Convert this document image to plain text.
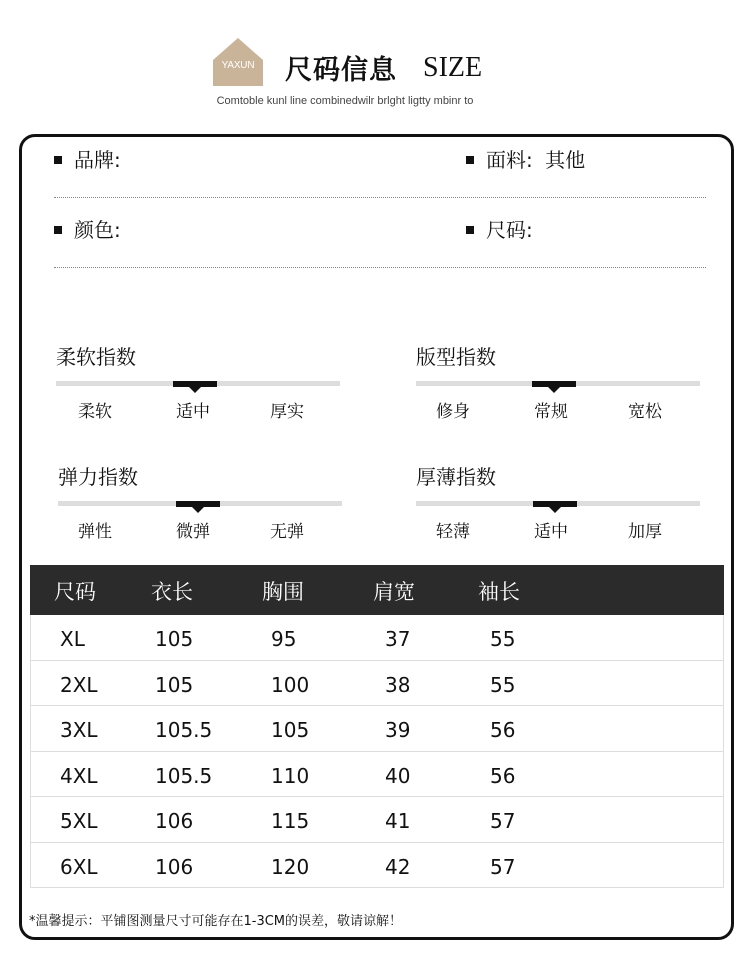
YAXUN	尺码信息 SIZE
Comtoble kunl line combinedwilr brlght ligtty mbinr to
品牌:	面料: 其他
颜色:	尺码:
柔软指数
柔软	适中	厚实
版型指数
修身	常规	宽松
弹力指数
弹性	微弹	无弹
厚薄指数
轻薄	适中	加厚
尺码	衣长	胸围	肩宽	袖长
XL	105	95	37	55
2XL	105	100	38	55
3XL	105.5	105	39	56
4XL	105.5	110	40	56
5XL	106	115	41	57
6XL	106	120	42	57
*温馨提示：平铺图测量尺寸可能存在1-3CM的误差，敬请谅解！
